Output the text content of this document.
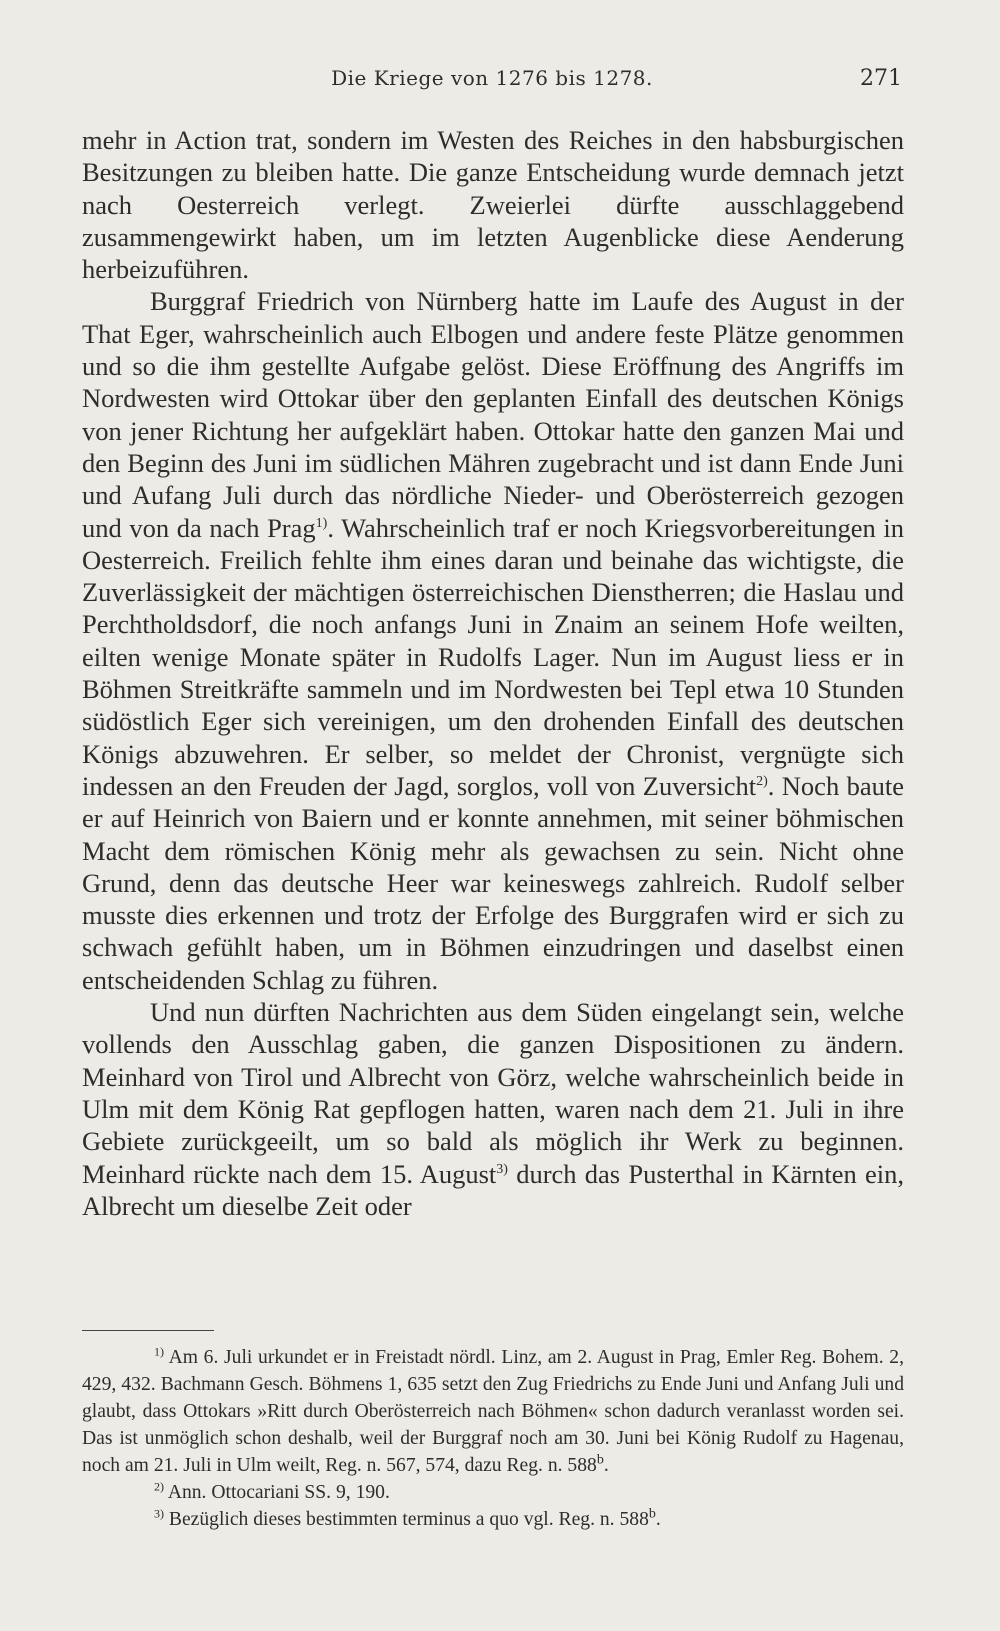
Die Kriege von 1276 bis 1278.	271

mehr in Action trat, sondern im Westen des Reiches in den habsburgischen Besitzungen zu bleiben hatte. Die ganze Entscheidung wurde demnach jetzt nach Oesterreich verlegt. Zweierlei dürfte ausschlaggebend zusammengewirkt haben, um im letzten Augenblicke diese Aenderung herbeizuführen.

Burggraf Friedrich von Nürnberg hatte im Laufe des August in der That Eger, wahrscheinlich auch Elbogen und andere feste Plätze genommen und so die ihm gestellte Aufgabe gelöst. Diese Eröffnung des Angriffs im Nordwesten wird Ottokar über den geplanten Einfall des deutschen Königs von jener Richtung her aufgeklärt haben. Ottokar hatte den ganzen Mai und den Beginn des Juni im südlichen Mähren zugebracht und ist dann Ende Juni und Aufang Juli durch das nördliche Nieder- und Oberösterreich gezogen und von da nach Prag$^{1)}$. Wahrscheinlich traf er noch Kriegsvorbereitungen in Oesterreich. Freilich fehlte ihm eines daran und beinahe das wichtigste, die Zuverlässigkeit der mächtigen österreichischen Dienstherren; die Haslau und Perchtholdsdorf, die noch anfangs Juni in Znaim an seinem Hofe weilten, eilten wenige Monate später in Rudolfs Lager. Nun im August liess er in Böhmen Streitkräfte sammeln und im Nordwesten bei Tepl etwa 10 Stunden südöstlich Eger sich vereinigen, um den drohenden Einfall des deutschen Königs abzuwehren. Er selber, so meldet der Chronist, vergnügte sich indessen an den Freuden der Jagd, sorglos, voll von Zuversicht$^{2)}$. Noch baute er auf Heinrich von Baiern und er konnte annehmen, mit seiner böhmischen Macht dem römischen König mehr als gewachsen zu sein. Nicht ohne Grund, denn das deutsche Heer war keineswegs zahlreich. Rudolf selber musste dies erkennen und trotz der Erfolge des Burggrafen wird er sich zu schwach gefühlt haben, um in Böhmen einzudringen und daselbst einen entscheidenden Schlag zu führen.

Und nun dürften Nachrichten aus dem Süden eingelangt sein, welche vollends den Ausschlag gaben, die ganzen Dispositionen zu ändern. Meinhard von Tirol und Albrecht von Görz, welche wahrscheinlich beide in Ulm mit dem König Rat gepflogen hatten, waren nach dem 21. Juli in ihre Gebiete zurückgeeilt, um so bald als möglich ihr Werk zu beginnen. Meinhard rückte nach dem 15. August$^{3)}$ durch das Pusterthal in Kärnten ein, Albrecht um dieselbe Zeit oder

$^{1)}$ Am 6. Juli urkundet er in Freistadt nördl. Linz, am 2. August in Prag, Emler Reg. Bohem. 2, 429, 432. Bachmann Gesch. Böhmens 1, 635 setzt den Zug Friedrichs zu Ende Juni und Anfang Juli und glaubt, dass Ottokars »Ritt durch Oberösterreich nach Böhmen« schon dadurch veranlasst worden sei. Das ist unmöglich schon deshalb, weil der Burggraf noch am 30. Juni bei König Rudolf zu Hagenau, noch am 21. Juli in Ulm weilt, Reg. n. 567, 574, dazu Reg. n. 588$^b$.

$^{2)}$ Ann. Ottocariani SS. 9, 190.

$^{3)}$ Bezüglich dieses bestimmten terminus a quo vgl. Reg. n. 588$^b$.
